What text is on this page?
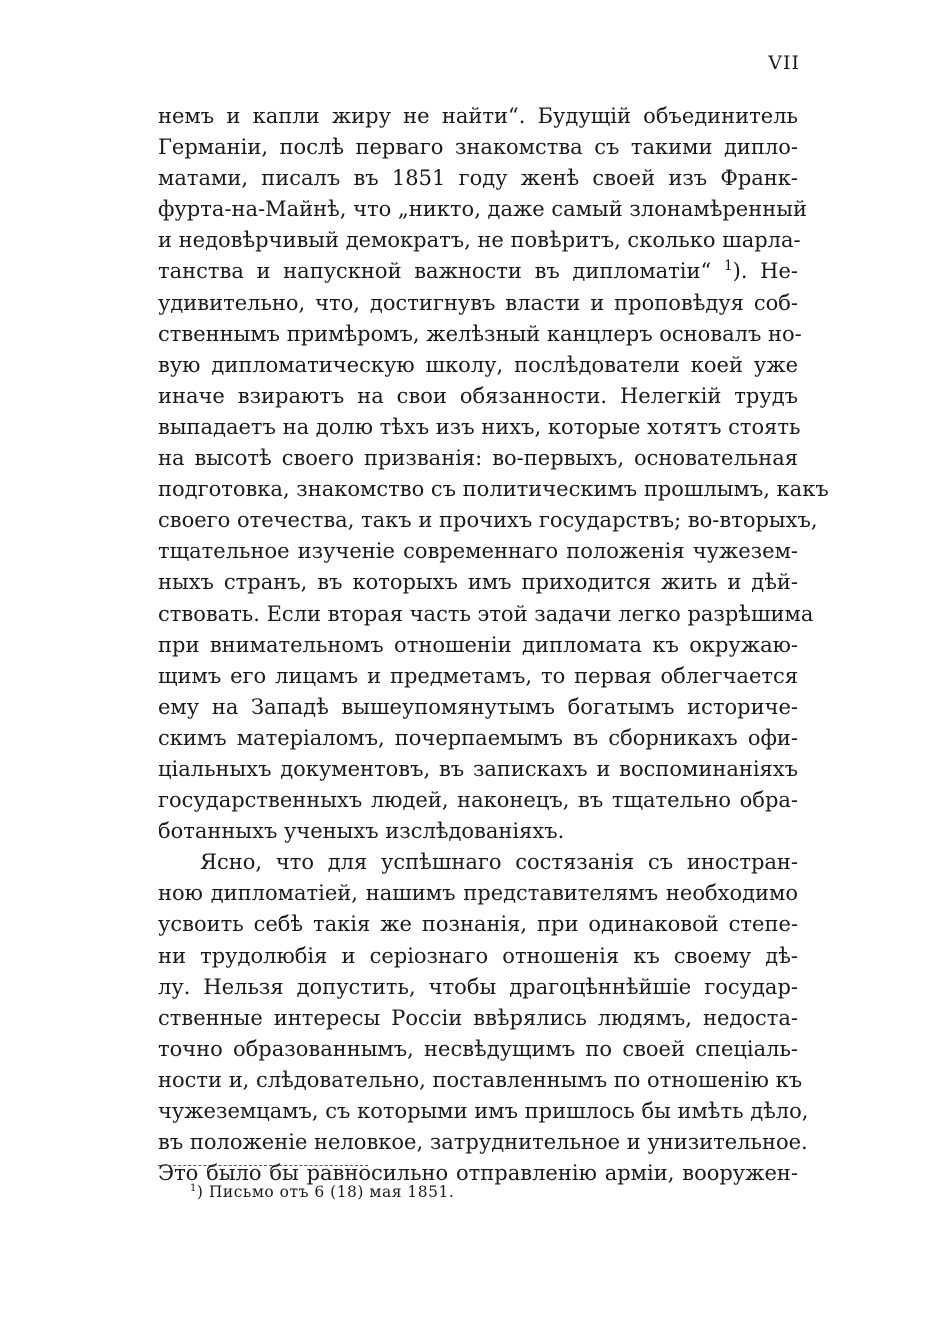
VII
немъ и капли жиру не найти“. Будущій объединитель
Германіи, послѣ перваго знакомства съ такими дипло-
матами, писалъ въ 1851 году женѣ своей изъ Франк-
фурта-на-Майнѣ, что „никто, даже самый злонамѣренный
и недовѣрчивый демократъ, не повѣритъ, сколько шарла-
танства и напускной важности въ дипломатіи“ $^1$). Не-
удивительно, что, достигнувъ власти и проповѣдуя соб-
ственнымъ примѣромъ, желѣзный канцлеръ основалъ но-
вую дипломатическую школу, послѣдователи коей уже
иначе взираютъ на свои обязанности. Нелегкій трудъ
выпадаетъ на долю тѣхъ изъ нихъ, которые хотятъ стоять
на высотѣ своего призванія: во-первыхъ, основательная
подготовка, знакомство съ политическимъ прошлымъ, какъ
своего отечества, такъ и прочихъ государствъ; во-вторыхъ,
тщательное изученіе современнаго положенія чужезем-
ныхъ странъ, въ которыхъ имъ приходится жить и дѣй-
ствовать. Если вторая часть этой задачи легко разрѣшима
при внимательномъ отношеніи дипломата къ окружаю-
щимъ его лицамъ и предметамъ, то первая облегчается
ему на Западѣ вышеупомянутымъ богатымъ историче-
скимъ матеріаломъ, почерпаемымъ въ сборникахъ офи-
ціальныхъ документовъ, въ запискахъ и воспоминаніяхъ
государственныхъ людей, наконецъ, въ тщательно обра-
ботанныхъ ученыхъ изслѣдованіяхъ.
Ясно, что для успѣшнаго состязанія съ иностран-
ною дипломатіей, нашимъ представителямъ необходимо
усвоить себѣ такія же познанія, при одинаковой степе-
ни трудолюбія и серіознаго отношенія къ своему дѣ-
лу. Нельзя допустить, чтобы драгоцѣннѣйшіе государ-
ственные интересы Россіи ввѣрялись людямъ, недоста-
точно образованнымъ, несвѣдущимъ по своей спеціаль-
ности и, слѣдовательно, поставленнымъ по отношенію къ
чужеземцамъ, съ которыми имъ пришлось бы имѣть дѣло,
въ положеніе неловкое, затруднительное и унизительное.
Это было бы равносильно отправленію арміи, вооружен-
$^1$) Письмо отъ 6 (18) мая 1851.
